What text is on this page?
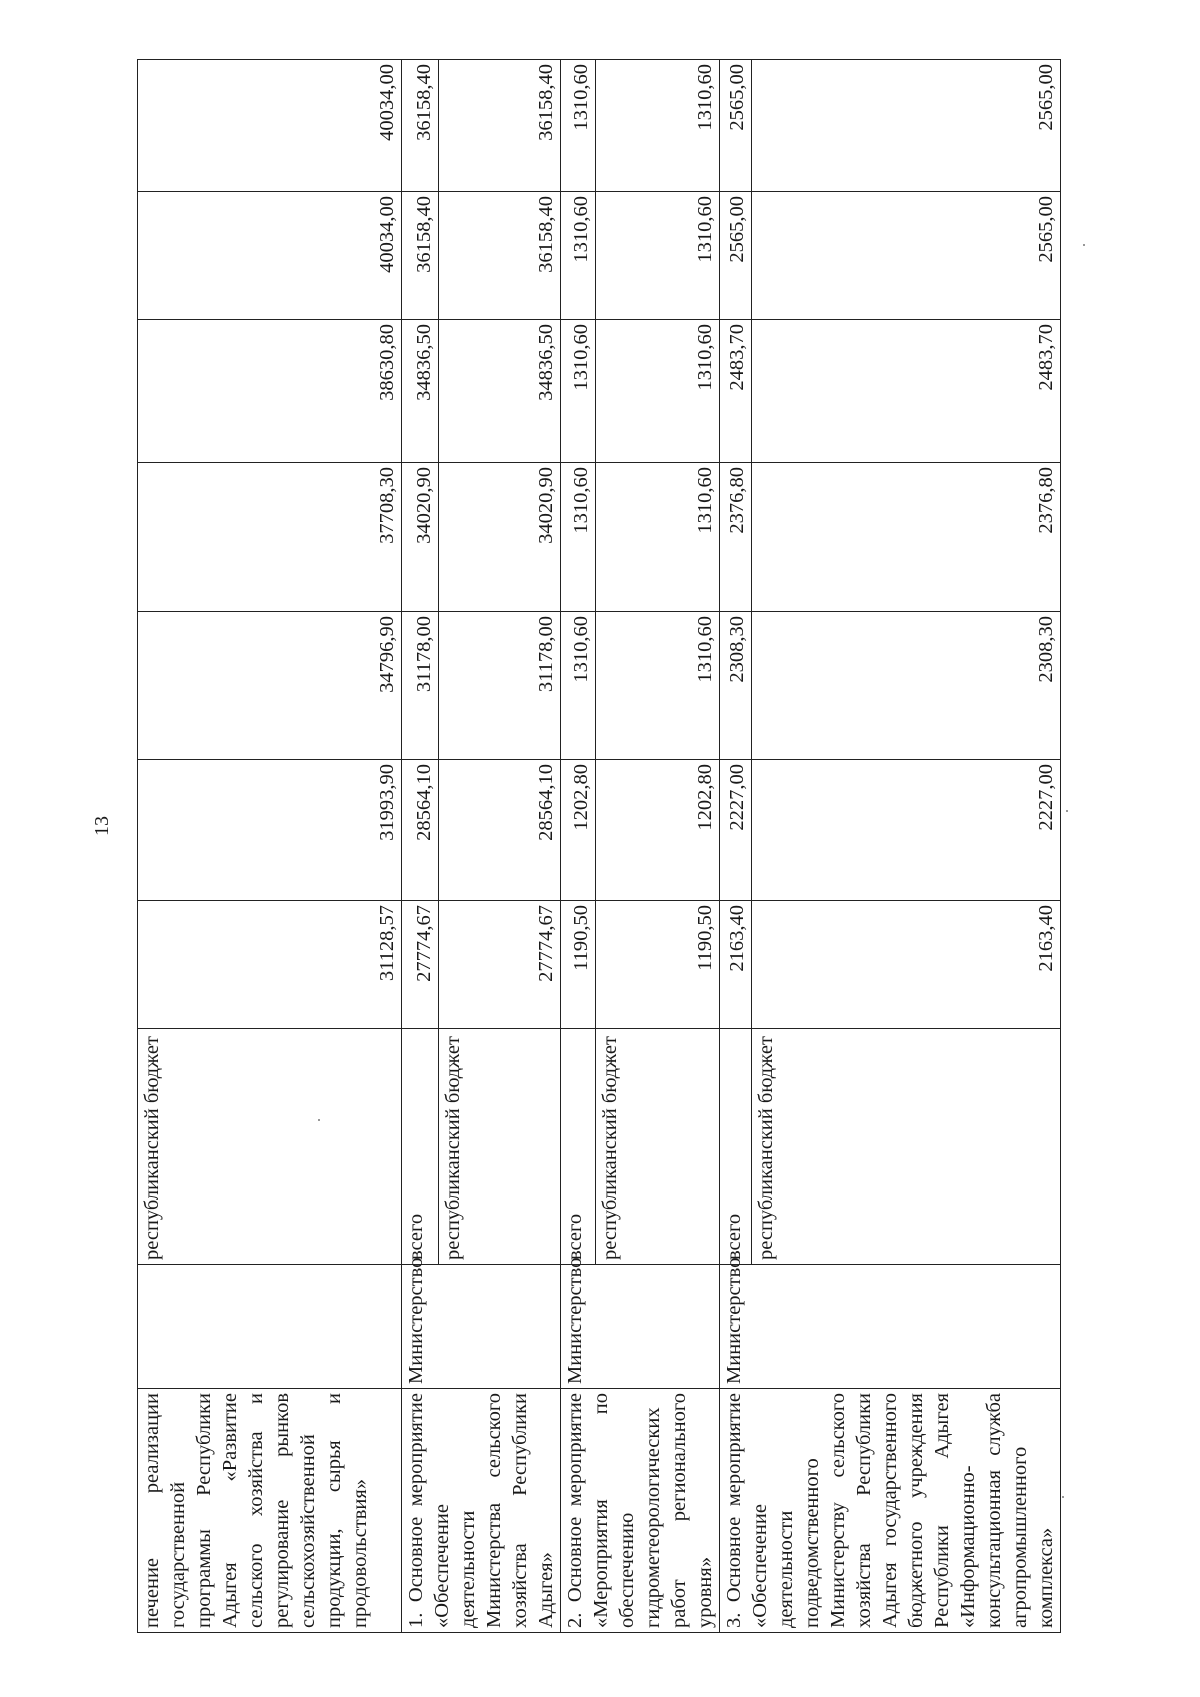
13
печение реализации государственной программы Республики Адыгея «Развитие сельского хозяйства и регулирование рынков сельскохозяйственной продукции, сырья и продовольствия»		республиканский бюджет	31128,57	31993,90	34796,90	37708,30	38630,80	40034,00	40034,00
1. Основное мероприятие «Обеспечение деятельности Министерства сельского хозяйства Республики Адыгея»	Министерство	всего	27774,67	28564,10	31178,00	34020,90	34836,50	36158,40	36158,40
		республиканский бюджет	27774,67	28564,10	31178,00	34020,90	34836,50	36158,40	36158,40
2. Основное мероприятие «Мероприятия по обеспечению гидрометеорологических работ регионального уровня»	Министерство	всего	1190,50	1202,80	1310,60	1310,60	1310,60	1310,60	1310,60
		республиканский бюджет	1190,50	1202,80	1310,60	1310,60	1310,60	1310,60	1310,60
3. Основное мероприятие «Обеспечение деятельности подведомственного Министерству сельского хозяйства Республики Адыгея государственного бюджетного учреждения Республики Адыгея «Информационно-консультационная служба агропромышленного комплекса»	Министерство	всего	2163,40	2227,00	2308,30	2376,80	2483,70	2565,00	2565,00
		республиканский бюджет	2163,40	2227,00	2308,30	2376,80	2483,70	2565,00	2565,00
